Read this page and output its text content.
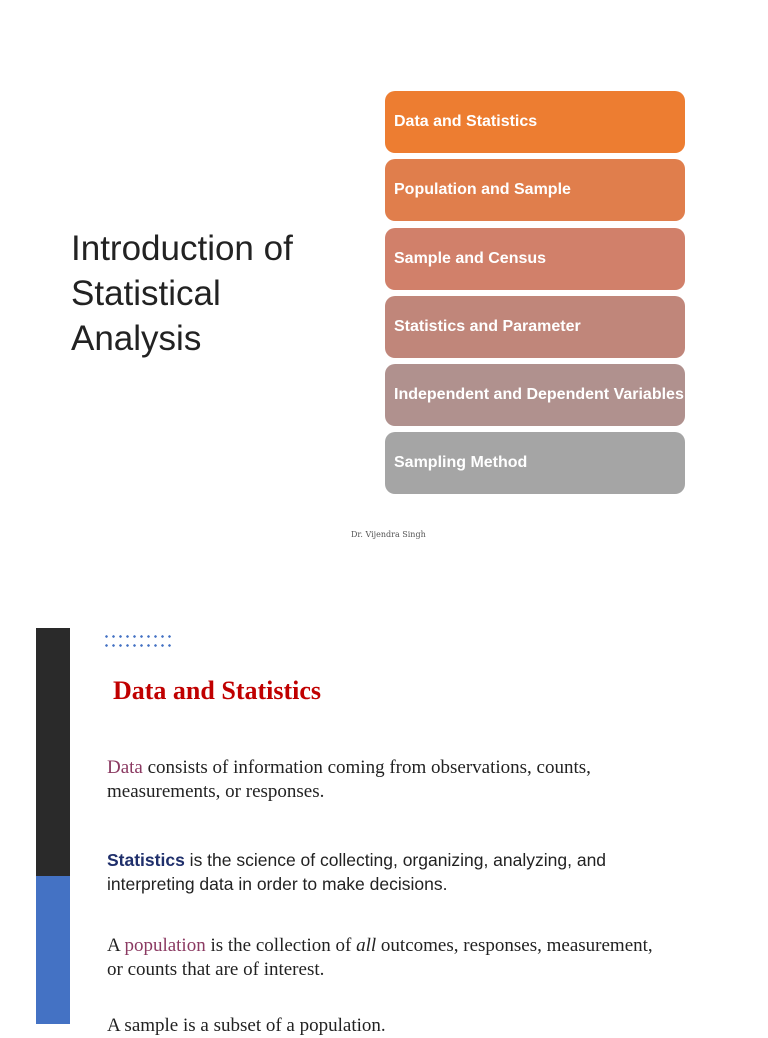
Introduction of
Statistical
Analysis
Data and Statistics
Population and Sample
Sample and Census
Statistics and Parameter
Independent and Dependent Variables
Sampling Method
Dr. Vijendra Singh
Data and Statistics
Data consists of information coming from observations, counts, measurements, or responses.
Statistics is the science of collecting, organizing, analyzing, and interpreting data in order to make decisions.
A population is the collection of all outcomes, responses, measurement, or counts that are of interest.
A sample is a subset of a population.
